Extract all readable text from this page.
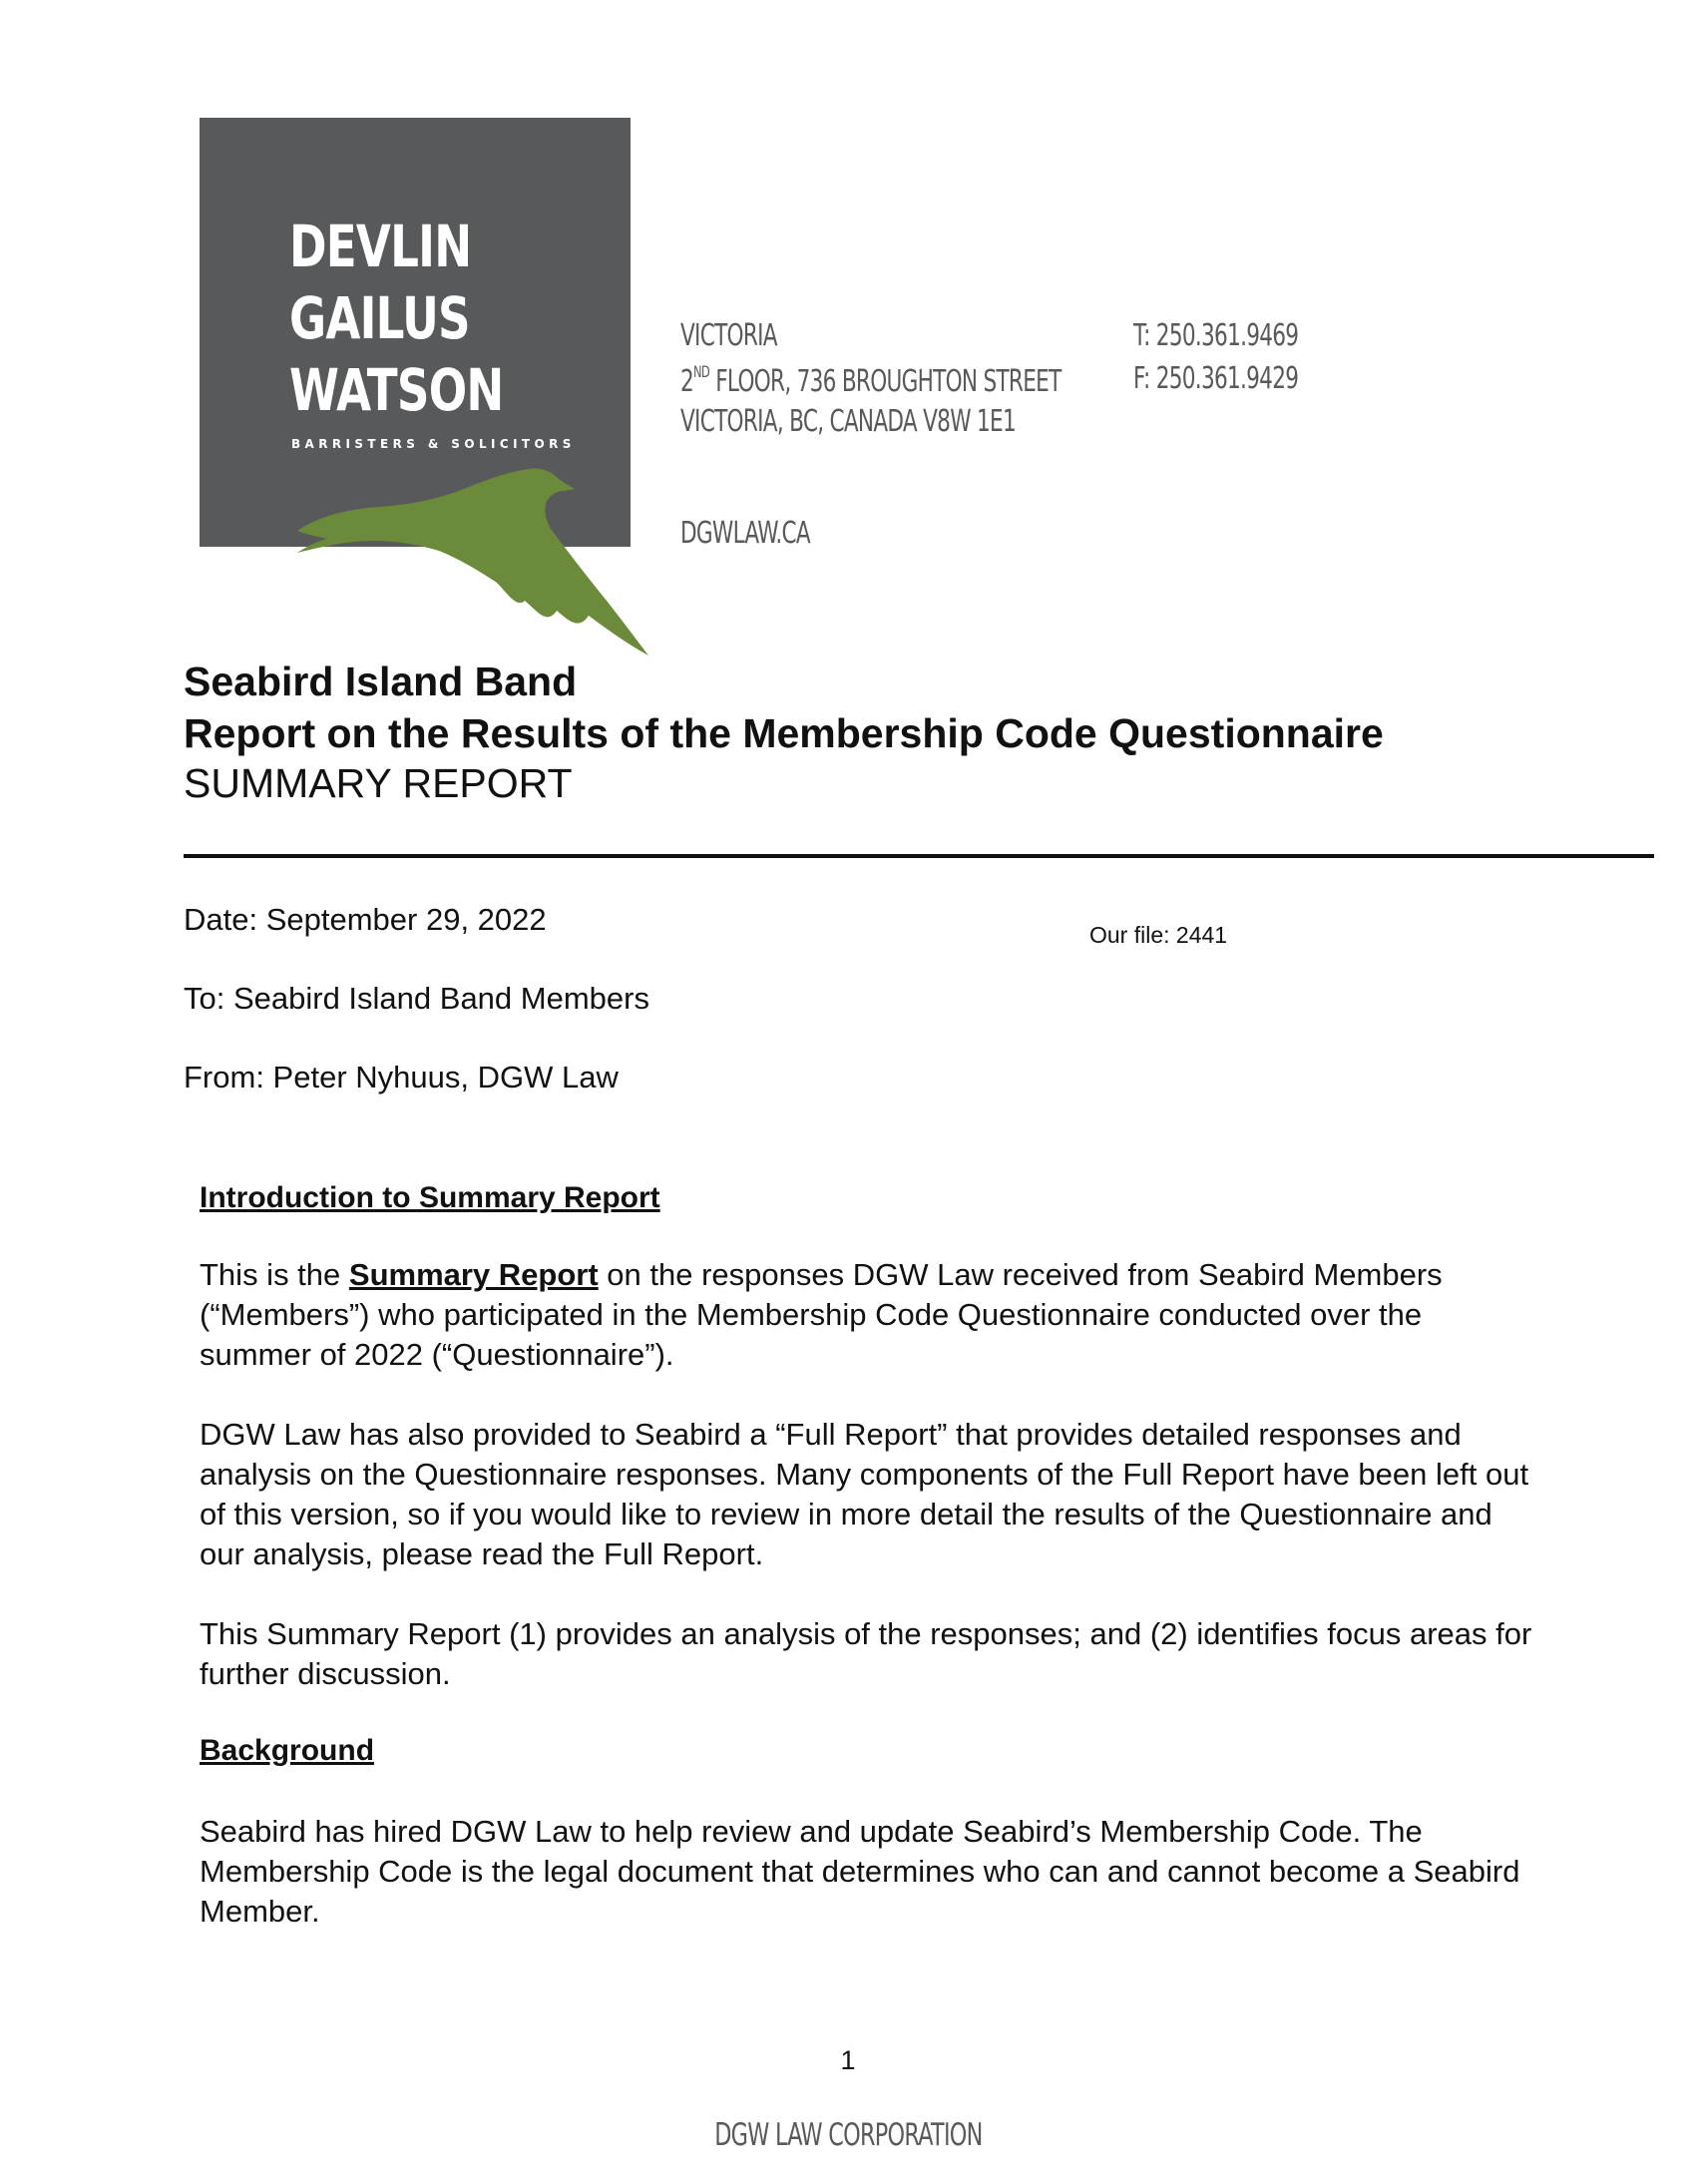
DEVLIN
GAILUS
WATSON
BARRISTERS & SOLICITORS
VICTORIA
2ND FLOOR, 736 BROUGHTON STREET
VICTORIA, BC, CANADA V8W 1E1
T: 250.361.9469
F: 250.361.9429
DGWLAW.CA
Seabird Island Band
Report on the Results of the Membership Code Questionnaire
SUMMARY REPORT
Date: September 29, 2022	Our file: 2441
To: Seabird Island Band Members
From: Peter Nyhuus, DGW Law
Introduction to Summary Report
This is the Summary Report on the responses DGW Law received from Seabird Members (“Members”) who participated in the Membership Code Questionnaire conducted over the summer of 2022 (“Questionnaire”).
DGW Law has also provided to Seabird a “Full Report” that provides detailed responses and analysis on the Questionnaire responses. Many components of the Full Report have been left out of this version, so if you would like to review in more detail the results of the Questionnaire and our analysis, please read the Full Report.
This Summary Report (1) provides an analysis of the responses; and (2) identifies focus areas for further discussion.
Background
Seabird has hired DGW Law to help review and update Seabird’s Membership Code. The Membership Code is the legal document that determines who can and cannot become a Seabird Member.
1
DGW LAW CORPORATION
